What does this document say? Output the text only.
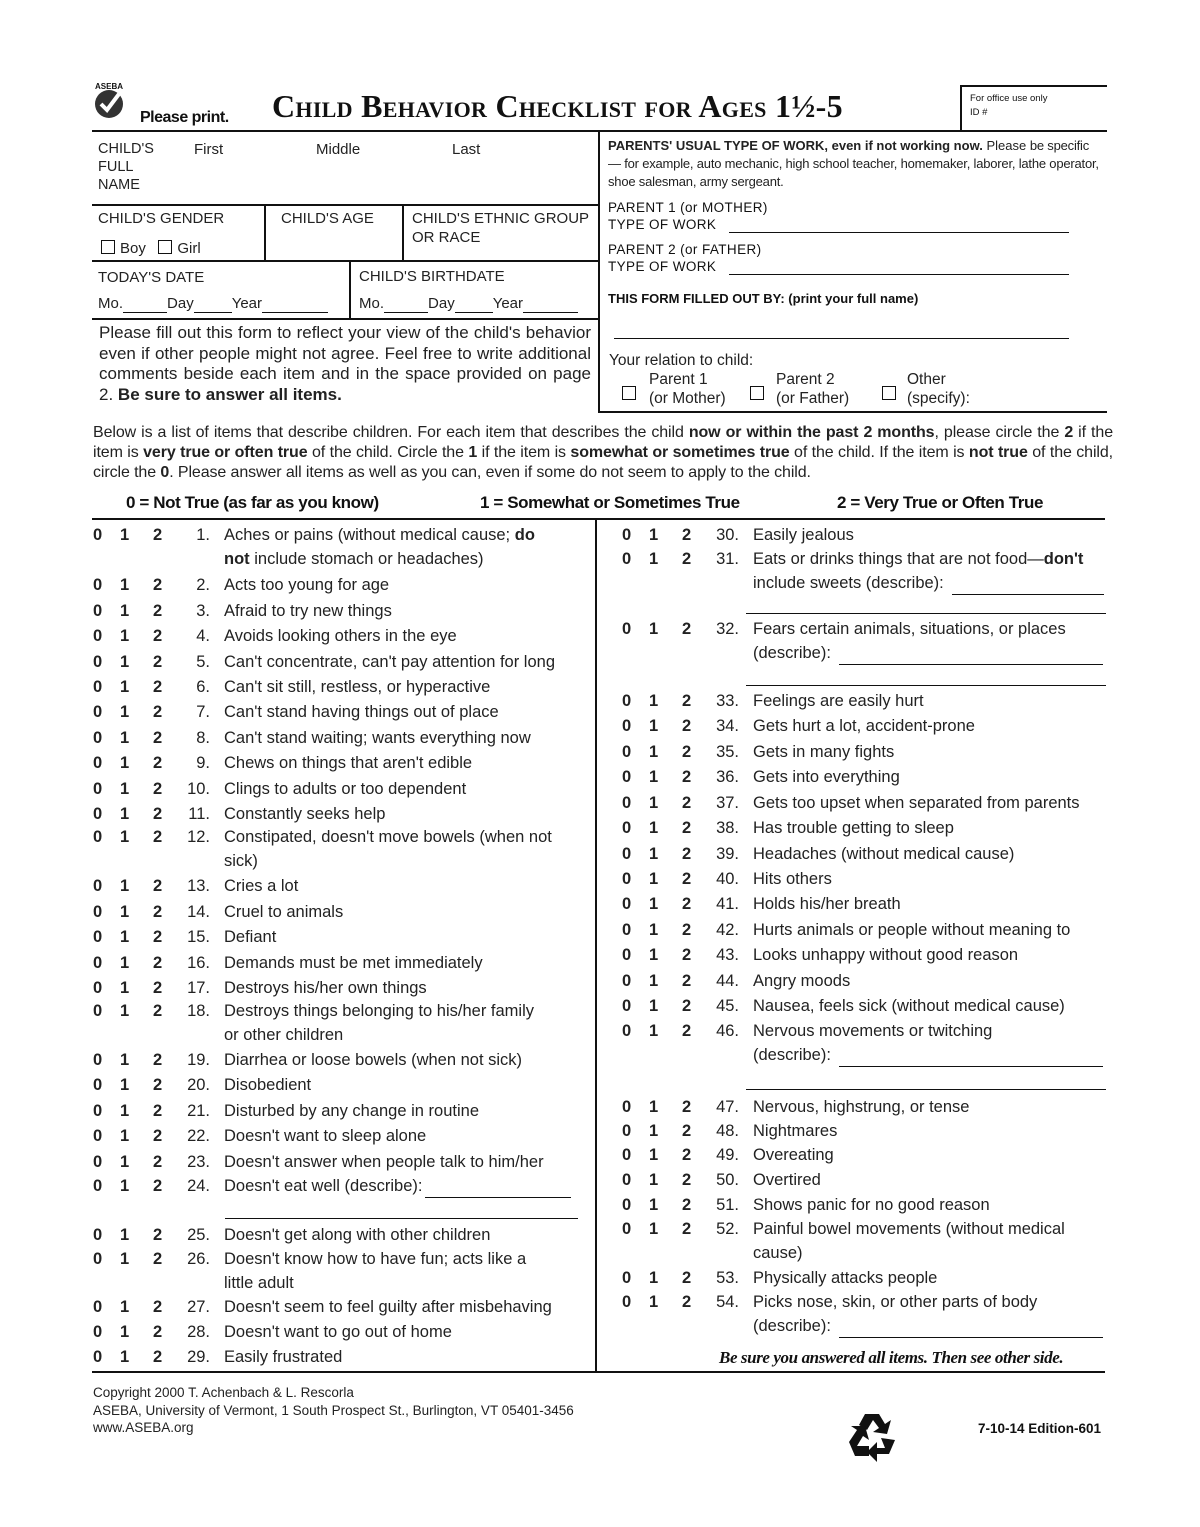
ASEBA
Please print. Child Behavior Checklist for Ages 1½-5	For office use only
ID #
CHILD'S
FULL
NAME
First	Middle	Last
CHILD'S GENDER
Boy Girl
CHILD'S AGE	CHILD'S ETHNIC GROUP OR RACE
TODAY'S DATE
Mo.	Day	Year
CHILD'S BIRTHDATE
Mo.	Day	Year
Please fill out this form to reflect your view of the child's behavior even if other people might not agree. Feel free to write additional comments beside each item and in the space provided on page 2. Be sure to answer all items.
PARENTS' USUAL TYPE OF WORK, even if not working now. Please be specific — for example, auto mechanic, high school teacher, homemaker, laborer, lathe operator, shoe salesman, army sergeant.
PARENT 1 (or MOTHER)
TYPE OF WORK
PARENT 2 (or FATHER)
TYPE OF WORK
THIS FORM FILLED OUT BY: (print your full name)
Your relation to child:
Parent 1
(or Mother)
Parent 2
(or Father)
Other
(specify):
Below is a list of items that describe children. For each item that describes the child now or within the past 2 months, please circle the 2 if the item is very true or often true of the child. Circle the 1 if the item is somewhat or sometimes true of the child. If the item is not true of the child, circle the 0. Please answer all items as well as you can, even if some do not seem to apply to the child.
0 = Not True (as far as you know)	1 = Somewhat or Sometimes True	2 = Very True or Often True
0 1 2	1. Aches or pains (without medical cause; do
not include stomach or headaches)
0 1 2	2. Acts too young for age
0 1 2	3. Afraid to try new things
0 1 2	4. Avoids looking others in the eye
0 1 2	5. Can't concentrate, can't pay attention for long
0 1 2	6. Can't sit still, restless, or hyperactive
0 1 2	7. Can't stand having things out of place
0 1 2	8. Can't stand waiting; wants everything now
0 1 2	9. Chews on things that aren't edible
0 1 2	10. Clings to adults or too dependent
0 1 2	11. Constantly seeks help
0 1 2	12. Constipated, doesn't move bowels (when not
sick)
0 1 2	13. Cries a lot
0 1 2	14. Cruel to animals
0 1 2	15. Defiant
0 1 2	16. Demands must be met immediately
0 1 2	17. Destroys his/her own things
0 1 2	18. Destroys things belonging to his/her family
or other children
0 1 2	19. Diarrhea or loose bowels (when not sick)
0 1 2	20. Disobedient
0 1 2	21. Disturbed by any change in routine
0 1 2	22. Doesn't want to sleep alone
0 1 2	23. Doesn't answer when people talk to him/her
0 1 2	24. Doesn't eat well (describe):
0 1 2	25. Doesn't get along with other children
0 1 2	26. Doesn't know how to have fun; acts like a
little adult
0 1 2	27. Doesn't seem to feel guilty after misbehaving
0 1 2	28. Doesn't want to go out of home
0 1 2	29. Easily frustrated
0 1 2	30. Easily jealous
0 1 2	31. Eats or drinks things that are not food—don't
include sweets (describe):
0 1 2	32. Fears certain animals, situations, or places
(describe):
0 1 2	33. Feelings are easily hurt
0 1 2	34. Gets hurt a lot, accident-prone
0 1 2	35. Gets in many fights
0 1 2	36. Gets into everything
0 1 2	37. Gets too upset when separated from parents
0 1 2	38. Has trouble getting to sleep
0 1 2	39. Headaches (without medical cause)
0 1 2	40. Hits others
0 1 2	41. Holds his/her breath
0 1 2	42. Hurts animals or people without meaning to
0 1 2	43. Looks unhappy without good reason
0 1 2	44. Angry moods
0 1 2	45. Nausea, feels sick (without medical cause)
0 1 2	46. Nervous movements or twitching
(describe):
0 1 2	47. Nervous, highstrung, or tense
0 1 2	48. Nightmares
0 1 2	49. Overeating
0 1 2	50. Overtired
0 1 2	51. Shows panic for no good reason
0 1 2	52. Painful bowel movements (without medical
cause)
0 1 2	53. Physically attacks people
0 1 2	54. Picks nose, skin, or other parts of body
(describe):
Be sure you answered all items. Then see other side.
Copyright 2000 T. Achenbach & L. Rescorla
ASEBA, University of Vermont, 1 South Prospect St., Burlington, VT 05401-3456
www.ASEBA.org	7-10-14 Edition-601
